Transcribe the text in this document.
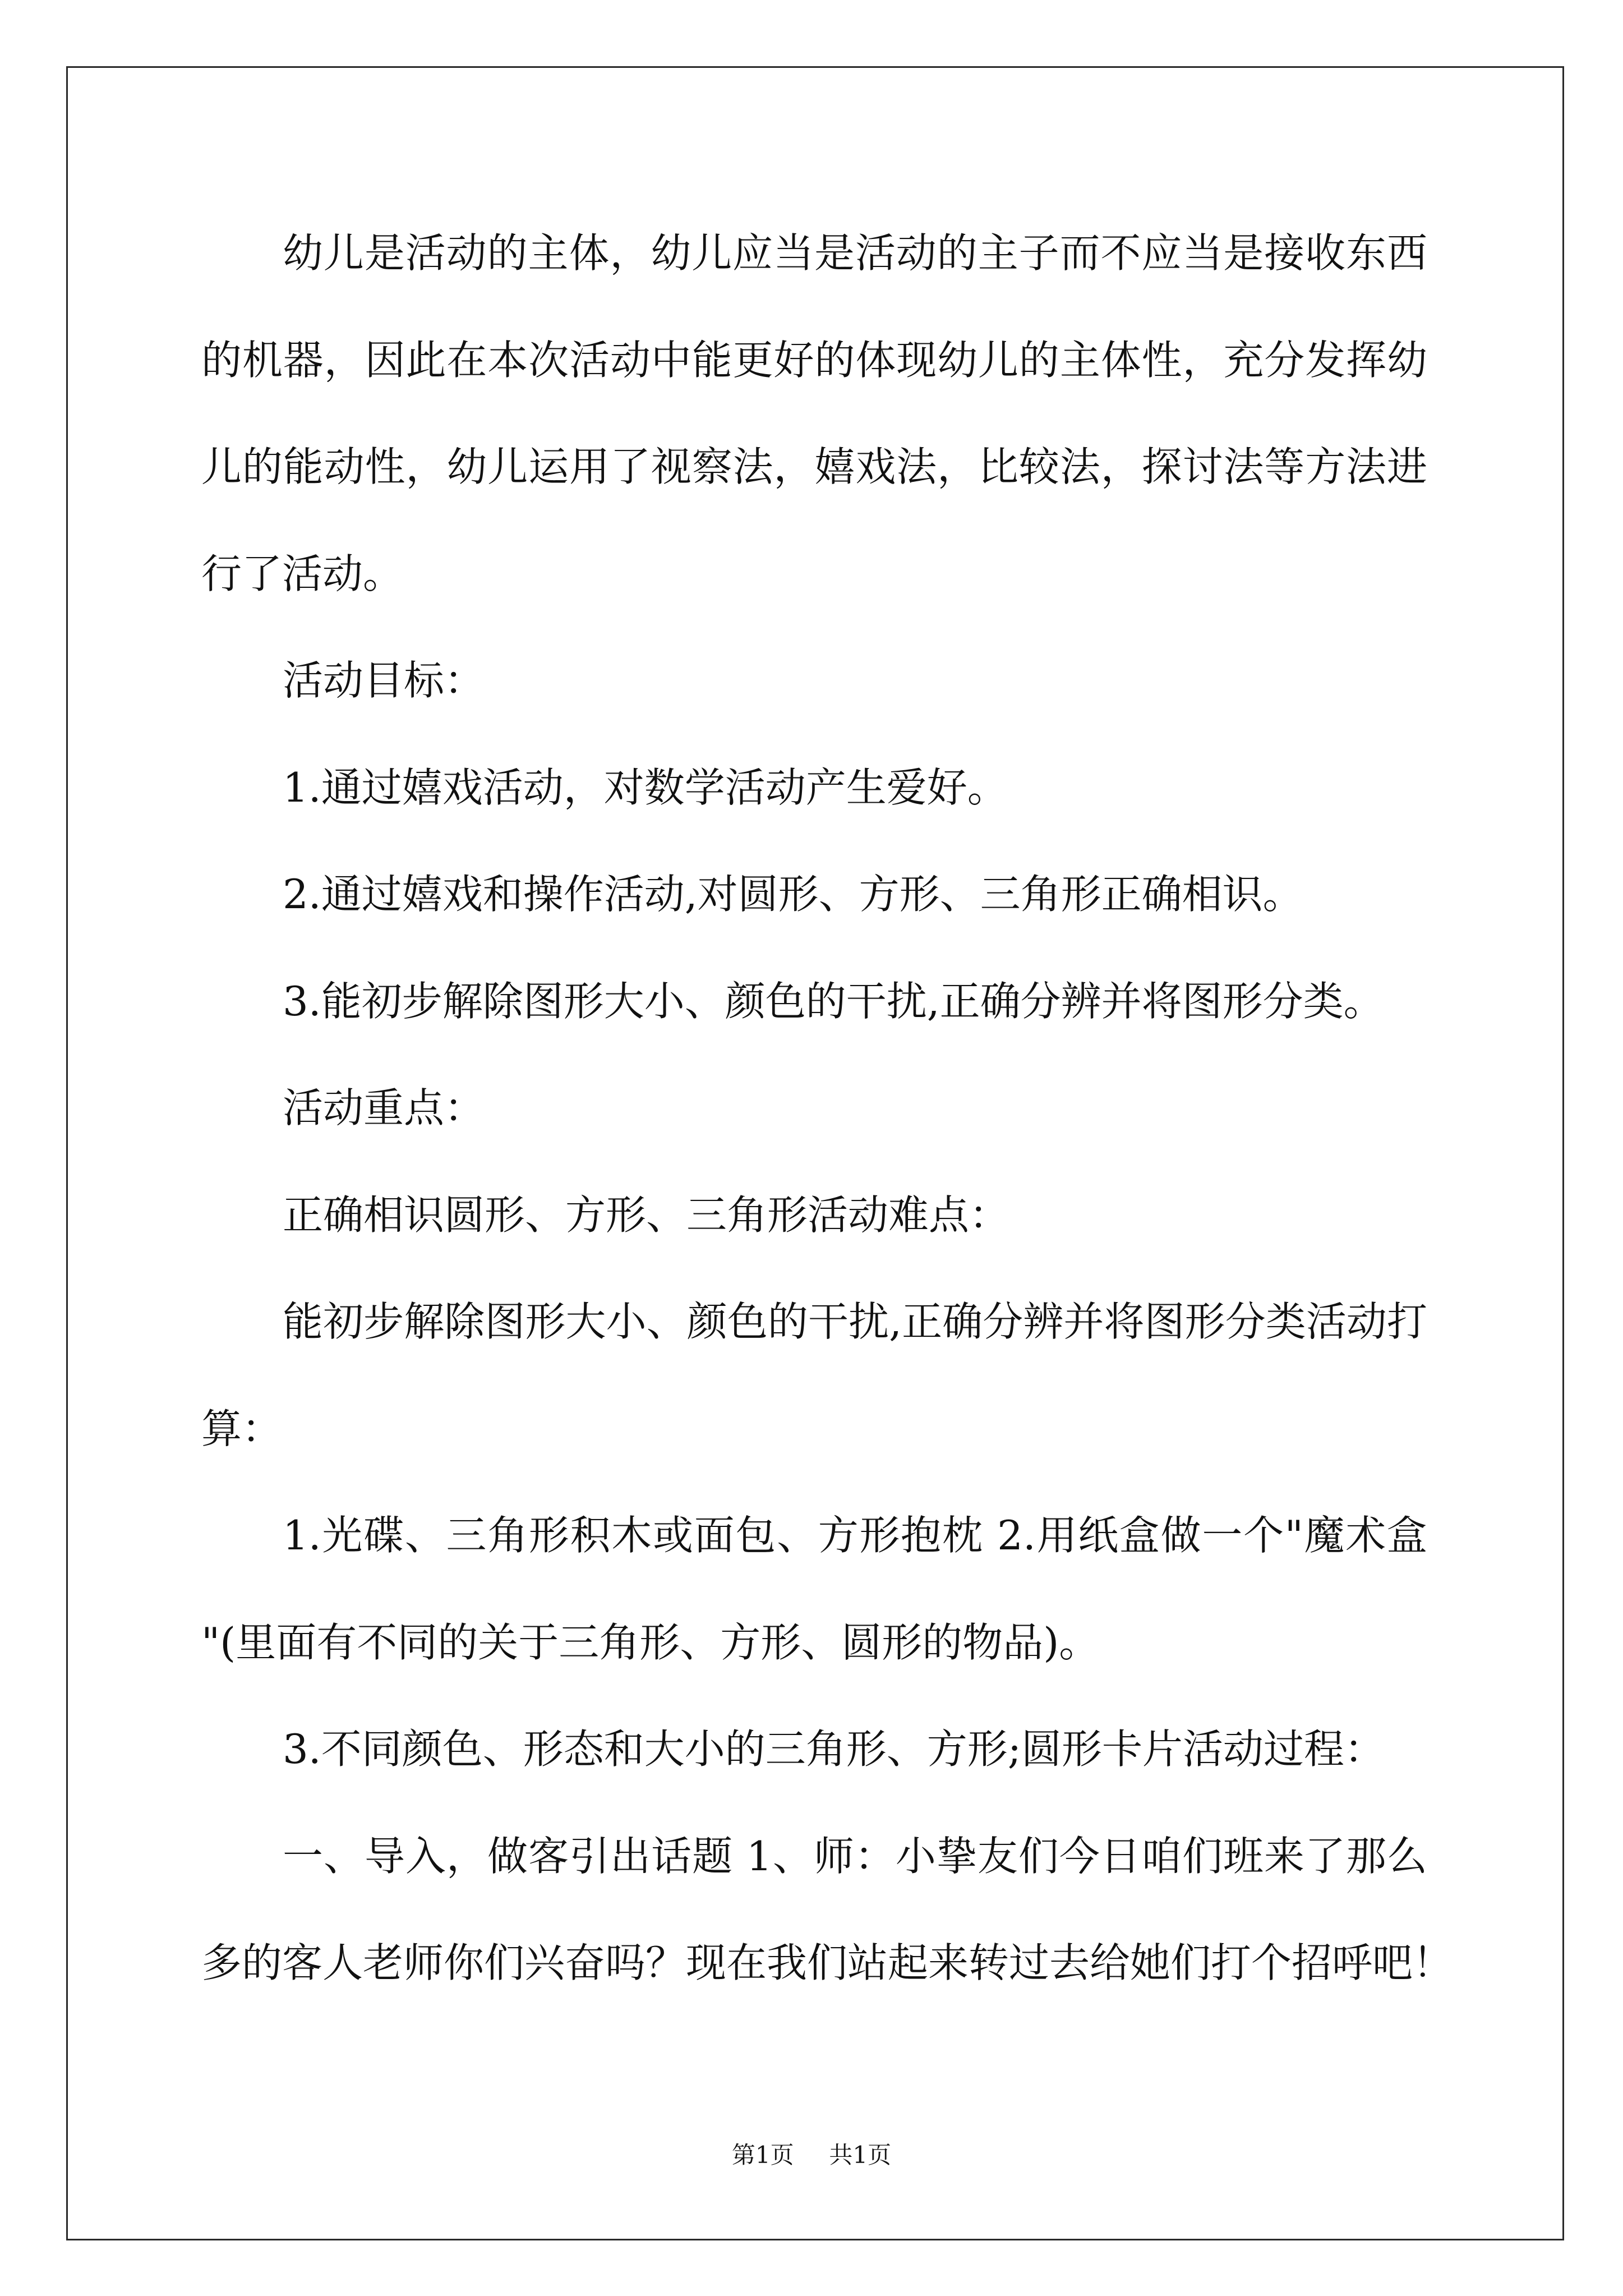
幼儿是活动的主体，幼儿应当是活动的主子而不应当是接收东西
的机器，因此在本次活动中能更好的体现幼儿的主体性，充分发挥幼
儿的能动性，幼儿运用了视察法，嬉戏法，比较法，探讨法等方法进
行了活动。
活动目标：
1.通过嬉戏活动，对数学活动产生爱好。
2.通过嬉戏和操作活动,对圆形、方形、三角形正确相识。
3.能初步解除图形大小、颜色的干扰,正确分辨并将图形分类。
活动重点：
正确相识圆形、方形、三角形活动难点：
能初步解除图形大小、颜色的干扰,正确分辨并将图形分类活动打
算：
1.光碟、三角形积木或面包、方形抱枕 2.用纸盒做一个"魔术盒
"(里面有不同的关于三角形、方形、圆形的物品)。
3.不同颜色、形态和大小的三角形、方形;圆形卡片活动过程：
一、导入，做客引出话题 1、师：小挚友们今日咱们班来了那么
多的客人老师你们兴奋吗？现在我们站起来转过去给她们打个招呼吧！
第1页  共1页
